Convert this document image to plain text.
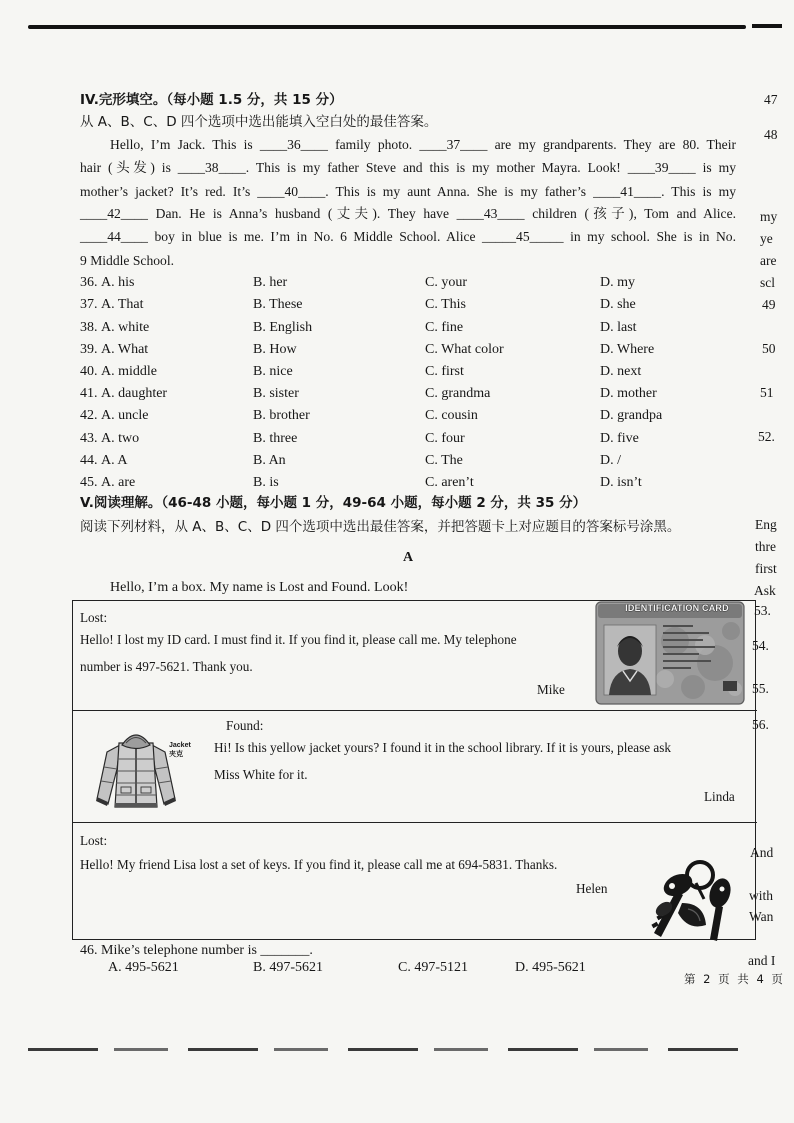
IV.完形填空。（每小题 1.5 分，共 15 分）
从 A、B、C、D 四个选项中选出能填入空白处的最佳答案。
Hello, I’m Jack. This is ____36____ family photo. ____37____ are my grandparents. They are 80. Their
hair (头发) is ____38____. This is my father Steve and this is my mother Mayra. Look! ____39____ is my
mother’s jacket? It’s red. It’s ____40____. This is my aunt Anna. She is my father’s ____41____. This is my
____42____ Dan. He is Anna’s husband (丈夫). They have ____43____ children (孩子), Tom and Alice.
____44____ boy in blue is me. I’m in No. 6 Middle School. Alice _____45_____ in my school. She is in No.
9 Middle School.
36. A. his	B. her	C. your	D. my
37. A. That	B. These	C. This	D. she
38. A. white	B. English	C. fine	D. last
39. A. What	B. How	C. What color	D. Where
40. A. middle	B. nice	C. first	D. next
41. A. daughter	B. sister	C. grandma	D. mother
42. A. uncle	B. brother	C. cousin	D. grandpa
43. A. two	B. three	C. four	D. five
44. A. A	B. An	C. The	D. /
45. A. are	B. is	C. aren’t	D. isn’t
V.阅读理解。（46-48 小题，每小题 1 分，49-64 小题，每小题 2 分，共 35 分）
阅读下列材料，从 A、B、C、D 四个选项中选出最佳答案，并把答题卡上对应题目的答案标号涂黑。
A
Hello, I’m a box. My name is Lost and Found. Look!
Lost:
Hello! I lost my ID card. I must find it. If you find it, please call me. My telephone
number is 497-5621. Thank you.
Mike
IDENTIFICATION CARD
Jacket
夹克
Found:
Hi! Is this yellow jacket yours? I found it in the school library. If it is yours, please ask
Miss White for it.
Linda
Lost:
Hello! My friend Lisa lost a set of keys. If you find it, please call me at 694-5831. Thanks.
Helen
46. Mike’s telephone number is _______.
A. 495-5621	B. 497-5621	C. 497-5121	D. 495-5621
第 2 页 共 4 页
47
48
my
ye
are
scl
49
50
51
52.
Eng
thre
first
Ask
53.
54.
55.
56.
And
with
Wan
and I
